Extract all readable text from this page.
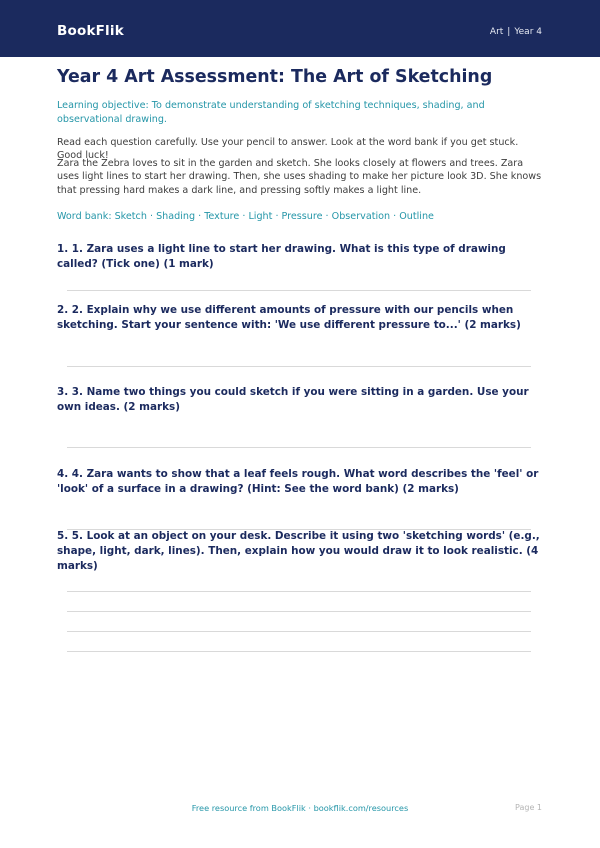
BookFlik	Art | Year 4
Year 4 Art Assessment: The Art of Sketching
Learning objective: To demonstrate understanding of sketching techniques, shading, and observational drawing.
Read each question carefully. Use your pencil to answer. Look at the word bank if you get stuck. Good luck!
Zara the Zebra loves to sit in the garden and sketch. She looks closely at flowers and trees. Zara uses light lines to start her drawing. Then, she uses shading to make her picture look 3D. She knows that pressing hard makes a dark line, and pressing softly makes a light line.
Word bank: Sketch · Shading · Texture · Light · Pressure · Observation · Outline
1. 1. Zara uses a light line to start her drawing. What is this type of drawing called? (Tick one) (1 mark)
2. 2. Explain why we use different amounts of pressure with our pencils when sketching. Start your sentence with: 'We use different pressure to...' (2 marks)
3. 3. Name two things you could sketch if you were sitting in a garden. Use your own ideas. (2 marks)
4. 4. Zara wants to show that a leaf feels rough. What word describes the 'feel' or 'look' of a surface in a drawing? (Hint: See the word bank) (2 marks)
5. 5. Look at an object on your desk. Describe it using two 'sketching words' (e.g., shape, light, dark, lines). Then, explain how you would draw it to look realistic. (4 marks)
Free resource from BookFlik · bookflik.com/resources	Page 1
